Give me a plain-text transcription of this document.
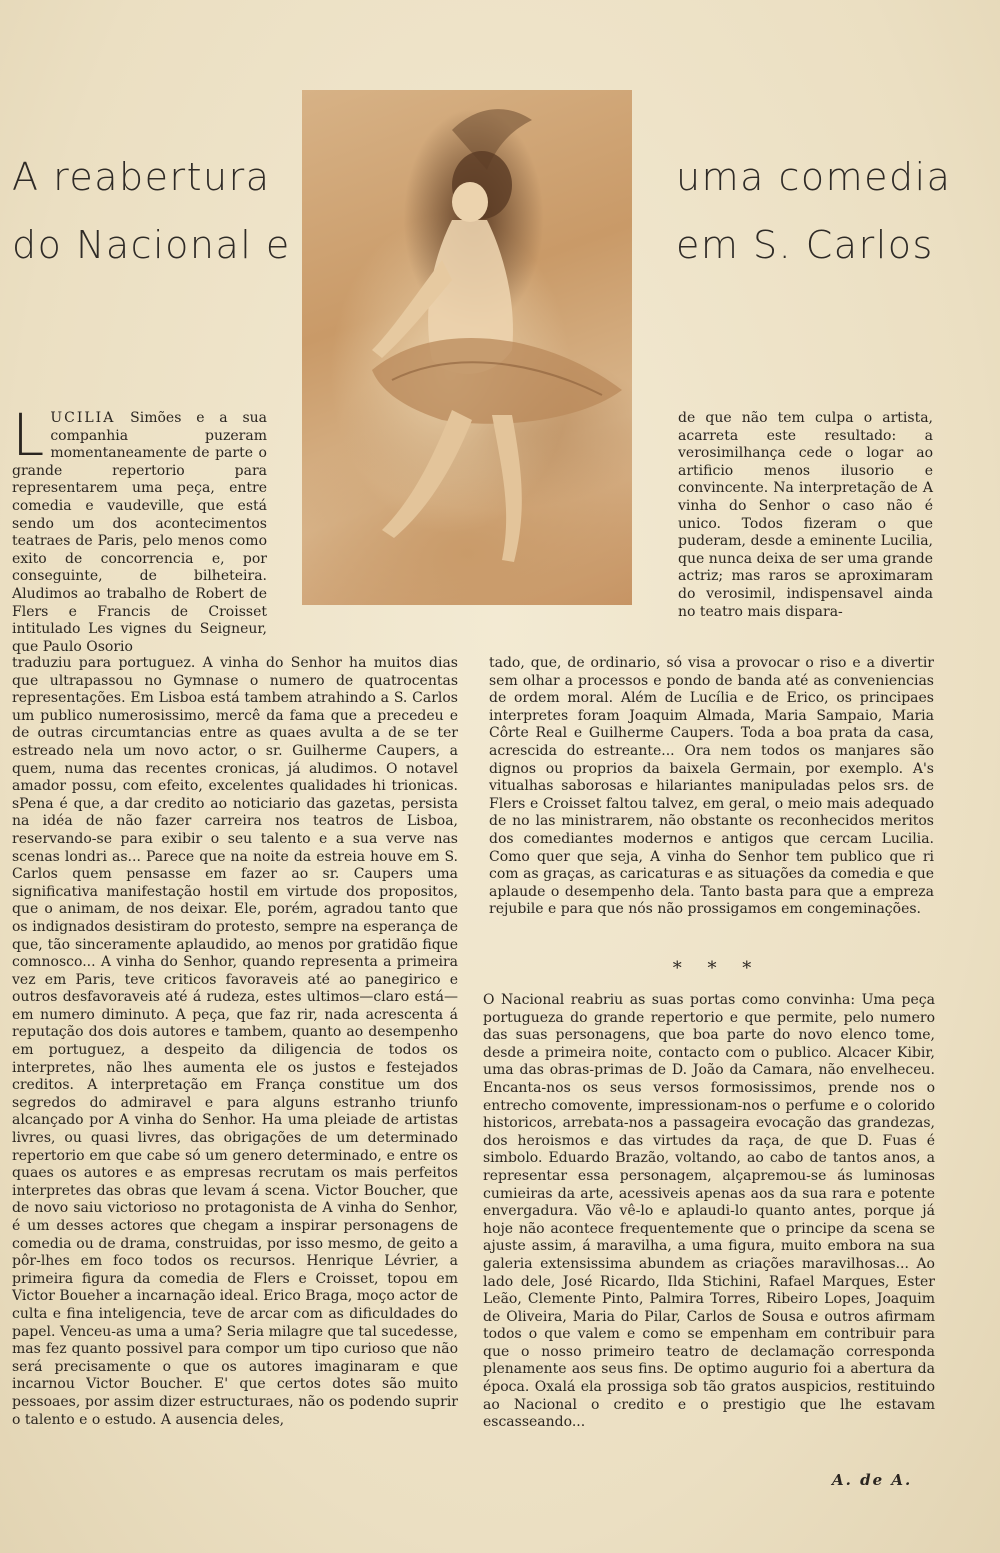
A reabertura do Nacional e
uma comedia em S. Carlos

LUCILIA Simões e a sua companhia puzeram momentaneamente de parte o grande repertorio para representarem uma peça, entre comedia e vaudeville, que está sendo um dos acontecimentos teatraes de Paris, pelo menos como exito de concorrencia e, por conseguinte, de bilheteira. Aludimos ao trabalho de Robert de Flers e Francis de Croisset intitulado Les vignes du Seigneur, que Paulo Osorio

de que não tem culpa o artista, acarreta este resultado: a verosimilhança cede o logar ao artificio menos ilusorio e convincente. Na interpretação de A vinha do Senhor o caso não é unico. Todos fizeram o que puderam, desde a eminente Lucilia, que nunca deixa de ser uma grande actriz; mas raros se aproximaram do verosimil, indispensavel ainda no teatro mais dispara-

traduziu para portuguez. A vinha do Senhor ha muitos dias que ultrapassou no Gymnase o numero de quatrocentas representações. Em Lisboa está tambem atrahindo a S. Carlos um publico numerosissimo, mercê da fama que a precedeu e de outras circumtancias entre as quaes avulta a de se ter estreado nela um novo actor, o sr. Guilherme Caupers, a quem, numa das recentes cronicas, já aludimos. O notavel amador possu, com efeito, excelentes qualidades hi trionicas. sPena é que, a dar credito ao noticiario das gazetas, persista na idéa de não fazer carreira nos teatros de Lisboa, reservando-se para exibir o seu talento e a sua verve nas scenas londri as... Parece que na noite da estreia houve em S. Carlos quem pensasse em fazer ao sr. Caupers uma significativa manifestação hostil em virtude dos propositos, que o animam, de nos deixar. Ele, porém, agradou tanto que os indignados desistiram do protesto, sempre na esperança de que, tão sinceramente aplaudido, ao menos por gratidão fique comnosco... A vinha do Senhor, quando representa a primeira vez em Paris, teve criticos favoraveis até ao panegirico e outros desfavoraveis até á rudeza, estes ultimos—claro está—em numero diminuto. A peça, que faz rir, nada acrescenta á reputação dos dois autores e tambem, quanto ao desempenho em portuguez, a despeito da diligencia de todos os interpretes, não lhes aumenta ele os justos e festejados creditos. A interpretação em França constitue um dos segredos do admiravel e para alguns estranho triunfo alcançado por A vinha do Senhor. Ha uma pleiade de artistas livres, ou quasi livres, das obrigações de um determinado repertorio em que cabe só um genero determinado, e entre os quaes os autores e as empresas recrutam os mais perfeitos interpretes das obras que levam á scena. Victor Boucher, que de novo saiu victorioso no protagonista de A vinha do Senhor, é um desses actores que chegam a inspirar personagens de comedia ou de drama, construidas, por isso mesmo, de geito a pôr-lhes em foco todos os recursos. Henrique Lévrier, a primeira figura da comedia de Flers e Croisset, topou em Victor Boueher a incarnação ideal. Erico Braga, moço actor de culta e fina inteligencia, teve de arcar com as dificuldades do papel. Venceu-as uma a uma? Seria milagre que tal sucedesse, mas fez quanto possivel para compor um tipo curioso que não será precisamente o que os autores imaginaram e que incarnou Victor Boucher. E' que certos dotes são muito pessoaes, por assim dizer estructuraes, não os podendo suprir o talento e o estudo. A ausencia deles,

tado, que, de ordinario, só visa a provocar o riso e a divertir sem olhar a processos e pondo de banda até as conveniencias de ordem moral. Além de Lucília e de Erico, os principaes interpretes foram Joaquim Almada, Maria Sampaio, Maria Côrte Real e Guilherme Caupers. Toda a boa prata da casa, acrescida do estreante... Ora nem todos os manjares são dignos ou proprios da baixela Germain, por exemplo. A's vitualhas saborosas e hilariantes manipuladas pelos srs. de Flers e Croisset faltou talvez, em geral, o meio mais adequado de no las ministrarem, não obstante os reconhecidos meritos dos comediantes modernos e antigos que cercam Lucilia. Como quer que seja, A vinha do Senhor tem publico que ri com as graças, as caricaturas e as situações da comedia e que aplaude o desempenho dela. Tanto basta para que a empreza rejubile e para que nós não prossigamos em congeminações.

* * *

O Nacional reabriu as suas portas como convinha: Uma peça portugueza do grande repertorio e que permite, pelo numero das suas personagens, que boa parte do novo elenco tome, desde a primeira noite, contacto com o publico. Alcacer Kibir, uma das obras-primas de D. João da Camara, não envelheceu. Encanta-nos os seus versos formosissimos, prende nos o entrecho comovente, impressionam-nos o perfume e o colorido historicos, arrebata-nos a passageira evocação das grandezas, dos heroismos e das virtudes da raça, de que D. Fuas é simbolo. Eduardo Brazão, voltando, ao cabo de tantos anos, a representar essa personagem, alçapremou-se ás luminosas cumieiras da arte, acessiveis apenas aos da sua rara e potente envergadura. Vão vê-lo e aplaudi-lo quanto antes, porque já hoje não acontece frequentemente que o principe da scena se ajuste assim, á maravilha, a uma figura, muito embora na sua galeria extensissima abundem as criações maravilhosas... Ao lado dele, José Ricardo, Ilda Stichini, Rafael Marques, Ester Leão, Clemente Pinto, Palmira Torres, Ribeiro Lopes, Joaquim de Oliveira, Maria do Pilar, Carlos de Sousa e outros afirmam todos o que valem e como se empenham em contribuir para que o nosso primeiro teatro de declamação corresponda plenamente aos seus fins. De optimo augurio foi a abertura da época. Oxalá ela prossiga sob tão gratos auspicios, restituindo ao Nacional o credito e o prestigio que lhe estavam escasseando...

A. de A.
